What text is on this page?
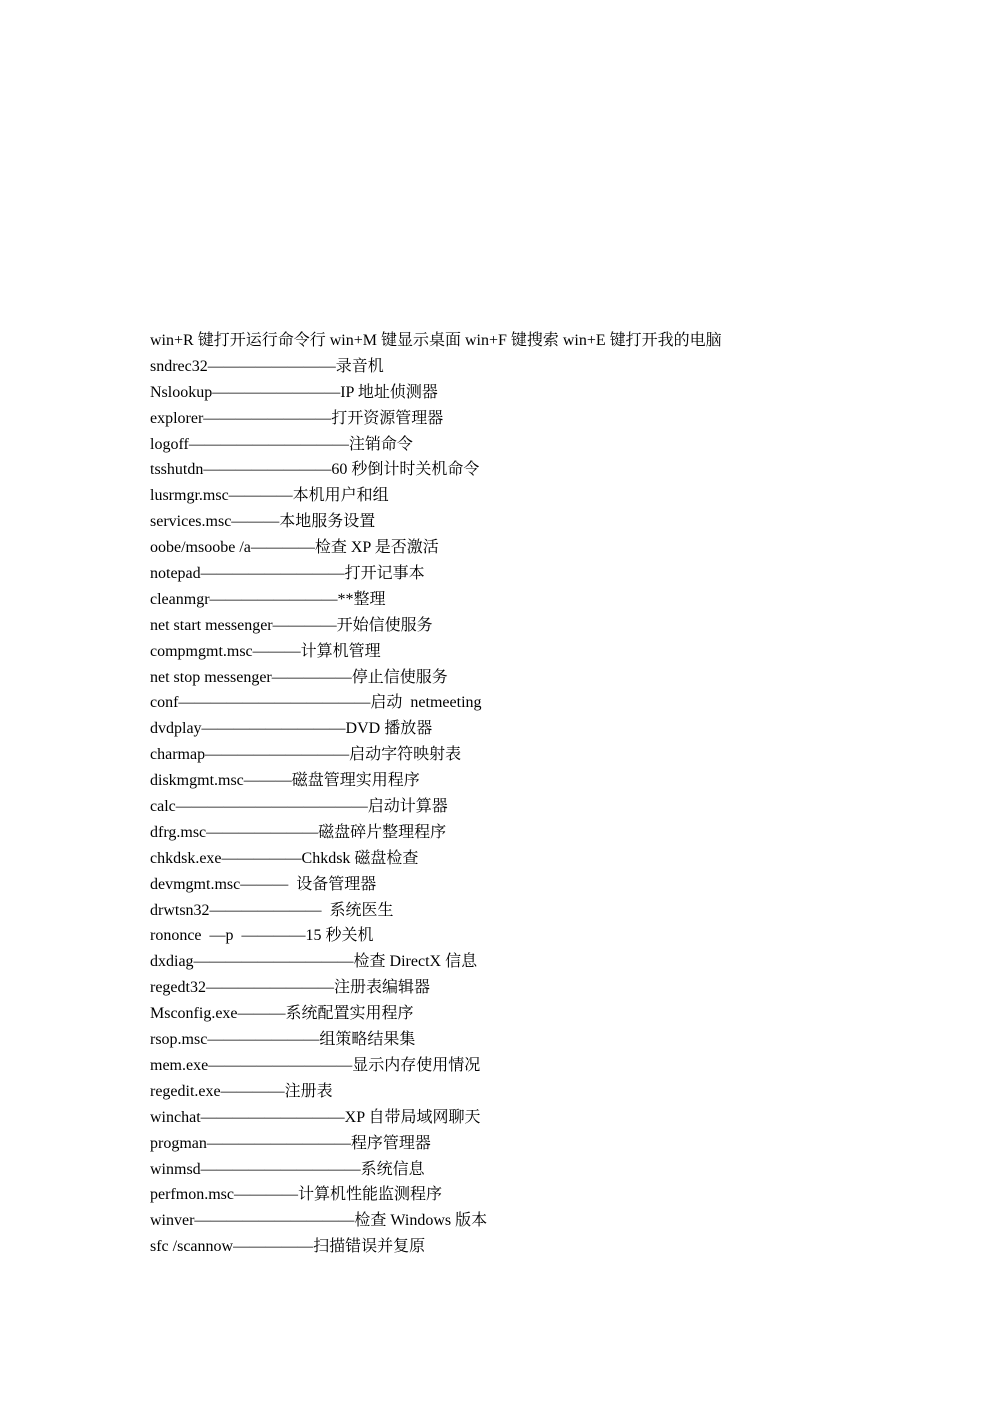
win+R 键打开运行命令行 win+M 键显示桌面 win+F 键搜索 win+E 键打开我的电脑
sndrec32————————录音机
Nslookup————————IP 地址侦测器
explorer————————打开资源管理器
logoff——————————注销命令
tsshutdn————————60 秒倒计时关机命令
lusrmgr.msc————本机用户和组
services.msc———本地服务设置
oobe/msoobe /a————检查 XP 是否激活
notepad—————————打开记事本
cleanmgr————————**整理
net start messenger————开始信使服务
compmgmt.msc———计算机管理
net stop messenger—————停止信使服务
conf————————————启动  netmeeting
dvdplay—————————DVD 播放器
charmap—————————启动字符映射表
diskmgmt.msc———磁盘管理实用程序
calc————————————启动计算器
dfrg.msc———————磁盘碎片整理程序
chkdsk.exe—————Chkdsk 磁盘检查
devmgmt.msc———  设备管理器
drwtsn32———————  系统医生
rononce  —p  ————15 秒关机
dxdiag——————————检查 DirectX 信息
regedt32————————注册表编辑器
Msconfig.exe———系统配置实用程序
rsop.msc———————组策略结果集
mem.exe—————————显示内存使用情况
regedit.exe————注册表
winchat—————————XP 自带局域网聊天
progman—————————程序管理器
winmsd——————————系统信息
perfmon.msc————计算机性能监测程序
winver——————————检查 Windows 版本
sfc /scannow—————扫描错误并复原
